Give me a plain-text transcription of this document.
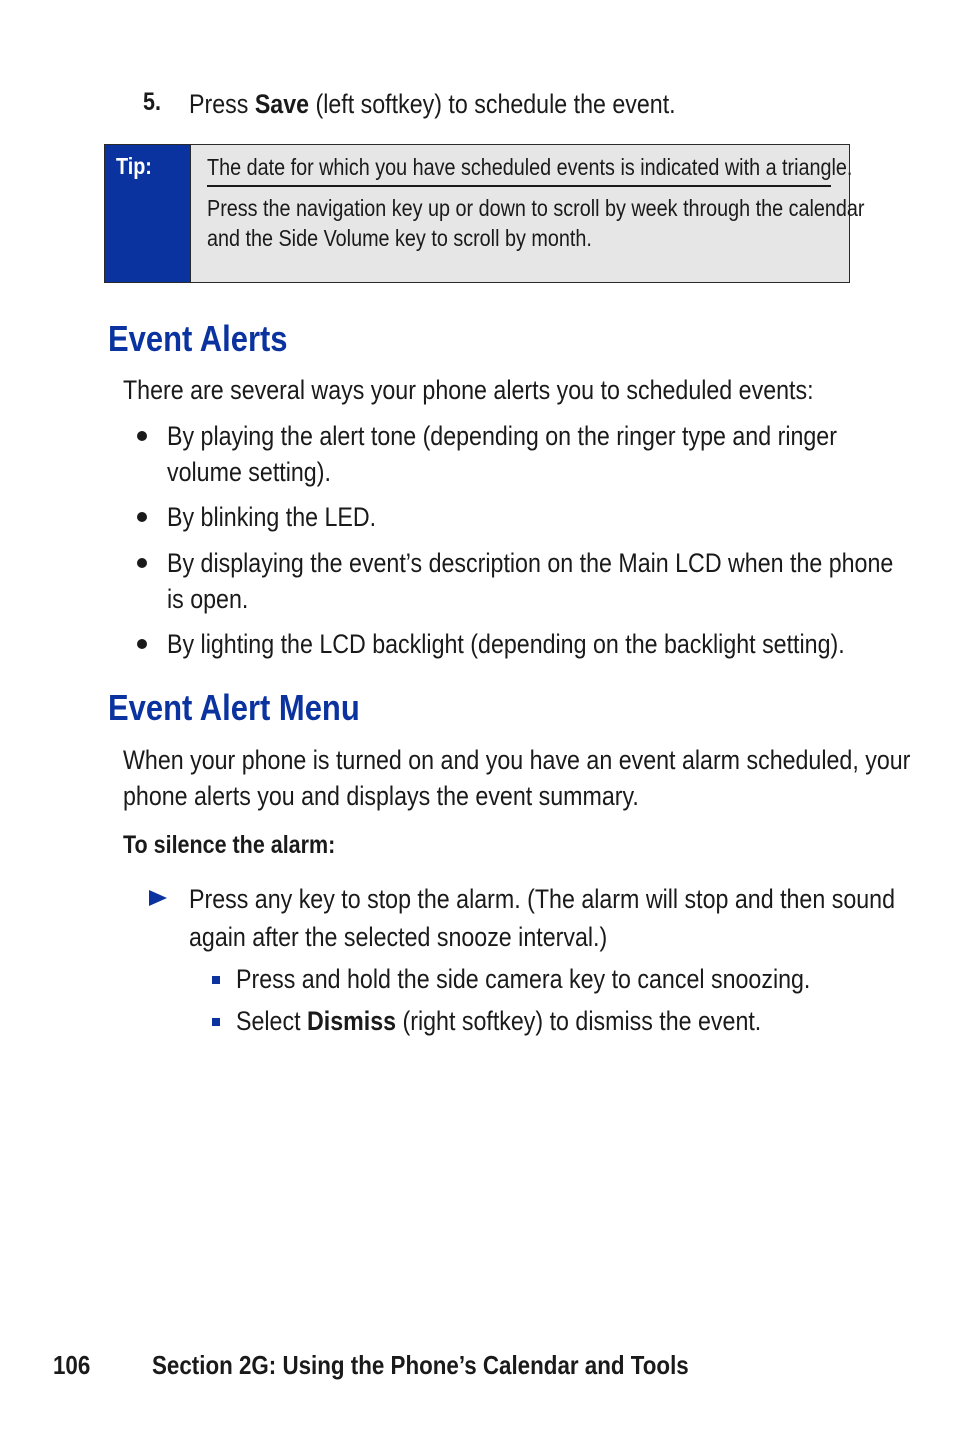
5. Press Save (left softkey) to schedule the event.
Tip: The date for which you have scheduled events is indicated with a triangle.
Press the navigation key up or down to scroll by week through the calendar
and the Side Volume key to scroll by month.
Event Alerts
There are several ways your phone alerts you to scheduled events:
By playing the alert tone (depending on the ringer type and ringer
volume setting).
By blinking the LED.
By displaying the event’s description on the Main LCD when the phone
is open.
By lighting the LCD backlight (depending on the backlight setting).
Event Alert Menu
When your phone is turned on and you have an event alarm scheduled, your
phone alerts you and displays the event summary.
To silence the alarm:
Press any key to stop the alarm. (The alarm will stop and then sound
again after the selected snooze interval.)
Press and hold the side camera key to cancel snoozing.
Select Dismiss (right softkey) to dismiss the event.
106 Section 2G: Using the Phone’s Calendar and Tools
